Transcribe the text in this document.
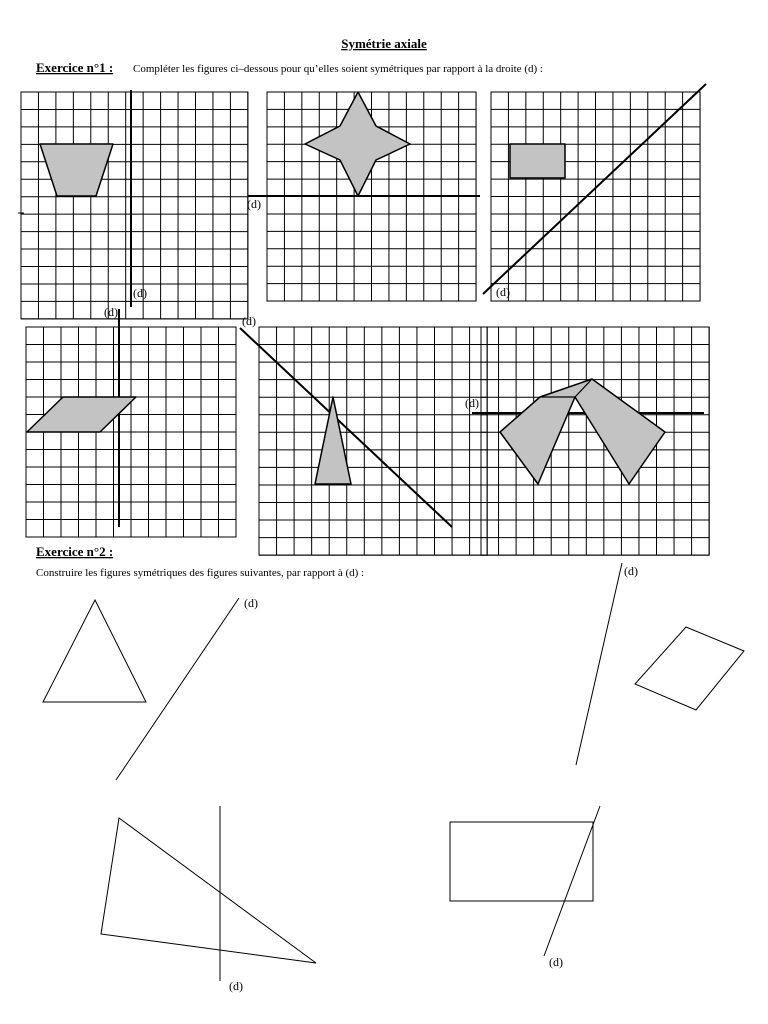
Symétrie axiale
Exercice n°1 : Compléter les figures ci–dessous pour qu’elles soient symétriques par rapport à la droite (d) :
(d)
(d)
(d)
(d)
(d)
(d)
Exercice n°2 :
Construire les figures symétriques des figures suivantes, par rapport à (d) :
(d)
(d)
(d)
(d)
